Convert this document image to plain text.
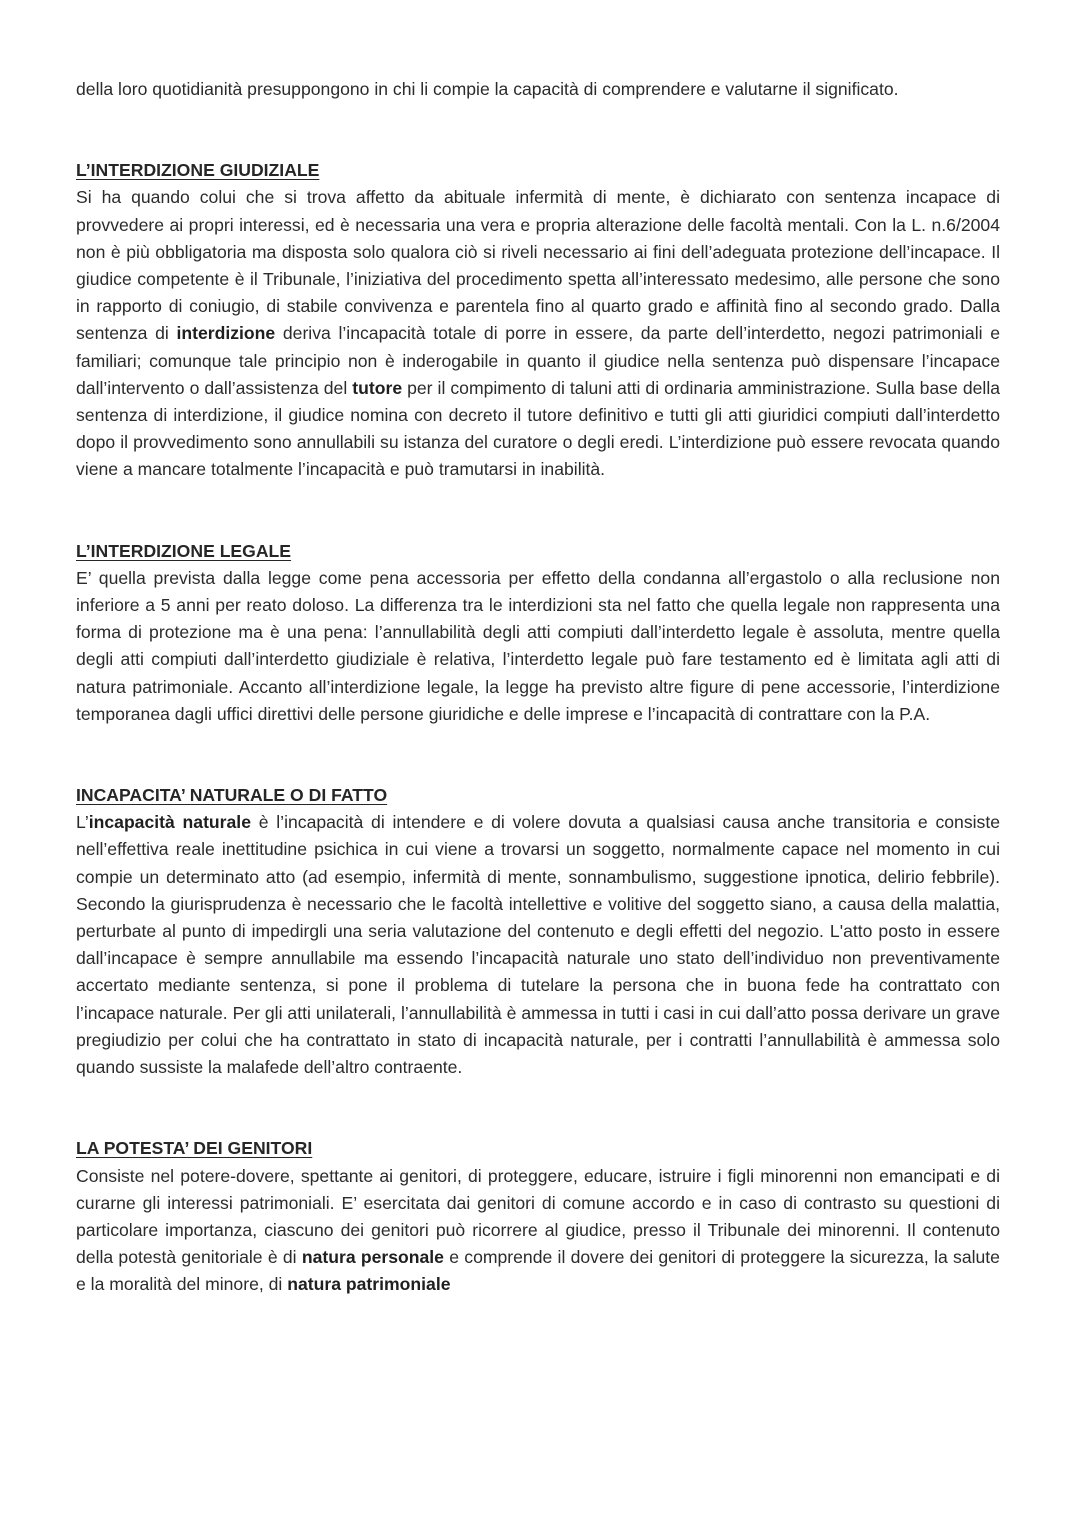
della loro quotidianità presuppongono in chi li compie la capacità di comprendere e valutarne il significato.

L’INTERDIZIONE GIUDIZIALE

Si ha quando colui che si trova affetto da abituale infermità di mente, è dichiarato con sentenza incapace di provvedere ai propri interessi, ed è necessaria una vera e propria alterazione delle facoltà mentali. Con la L. n.6/2004 non è più obbligatoria ma disposta solo qualora ciò si riveli necessario ai fini dell’adeguata protezione dell’incapace. Il giudice competente è il Tribunale, l’iniziativa del procedimento spetta all’interessato medesimo, alle persone che sono in rapporto di coniugio, di stabile convivenza e parentela fino al quarto grado e affinità fino al secondo grado. Dalla sentenza di interdizione deriva l’incapacità totale di porre in essere, da parte dell’interdetto, negozi patrimoniali e familiari; comunque tale principio non è inderogabile in quanto il giudice nella sentenza può dispensare l’incapace dall’intervento o dall’assistenza del tutore per il compimento di taluni atti di ordinaria amministrazione. Sulla base della sentenza di interdizione, il giudice nomina con decreto il tutore definitivo e tutti gli atti giuridici compiuti dall’interdetto dopo il provvedimento sono annullabili su istanza del curatore o degli eredi. L’interdizione può essere revocata quando viene a mancare totalmente l’incapacità e può tramutarsi in inabilità.

L’INTERDIZIONE LEGALE

E’ quella prevista dalla legge come pena accessoria per effetto della condanna all’ergastolo o alla reclusione non inferiore a 5 anni per reato doloso. La differenza tra le interdizioni sta nel fatto che quella legale non rappresenta una forma di protezione ma è una pena: l’annullabilità degli atti compiuti dall’interdetto legale è assoluta, mentre quella degli atti compiuti dall’interdetto giudiziale è relativa, l’interdetto legale può fare testamento ed è limitata agli atti di natura patrimoniale. Accanto all’interdizione legale, la legge ha previsto altre figure di pene accessorie, l’interdizione temporanea dagli uffici direttivi delle persone giuridiche e delle imprese e l’incapacità di contrattare con la P.A.

INCAPACITA’ NATURALE O DI FATTO

L’incapacità naturale è l’incapacità di intendere e di volere dovuta a qualsiasi causa anche transitoria e consiste nell’effettiva reale inettitudine psichica in cui viene a trovarsi un soggetto, normalmente capace nel momento in cui compie un determinato atto (ad esempio, infermità di mente, sonnambulismo, suggestione ipnotica, delirio febbrile). Secondo la giurisprudenza è necessario che le facoltà intellettive e volitive del soggetto siano, a causa della malattia, perturbate al punto di impedirgli una seria valutazione del contenuto e degli effetti del negozio. L'atto posto in essere dall’incapace è sempre annullabile ma essendo l’incapacità naturale uno stato dell’individuo non preventivamente accertato mediante sentenza, si pone il problema di tutelare la persona che in buona fede ha contrattato con l’incapace naturale. Per gli atti unilaterali, l’annullabilità è ammessa in tutti i casi in cui dall’atto possa derivare un grave pregiudizio per colui che ha contrattato in stato di incapacità naturale, per i contratti l’annullabilità è ammessa solo quando sussiste la malafede dell’altro contraente.

LA POTESTA’ DEI GENITORI

Consiste nel potere-dovere, spettante ai genitori, di proteggere, educare, istruire i figli minorenni non emancipati e di curarne gli interessi patrimoniali. E’ esercitata dai genitori di comune accordo e in caso di contrasto su questioni di particolare importanza, ciascuno dei genitori può ricorrere al giudice, presso il Tribunale dei minorenni. Il contenuto della potestà genitoriale è di natura personale e comprende il dovere dei genitori di proteggere la sicurezza, la salute e la moralità del minore, di natura patrimoniale
